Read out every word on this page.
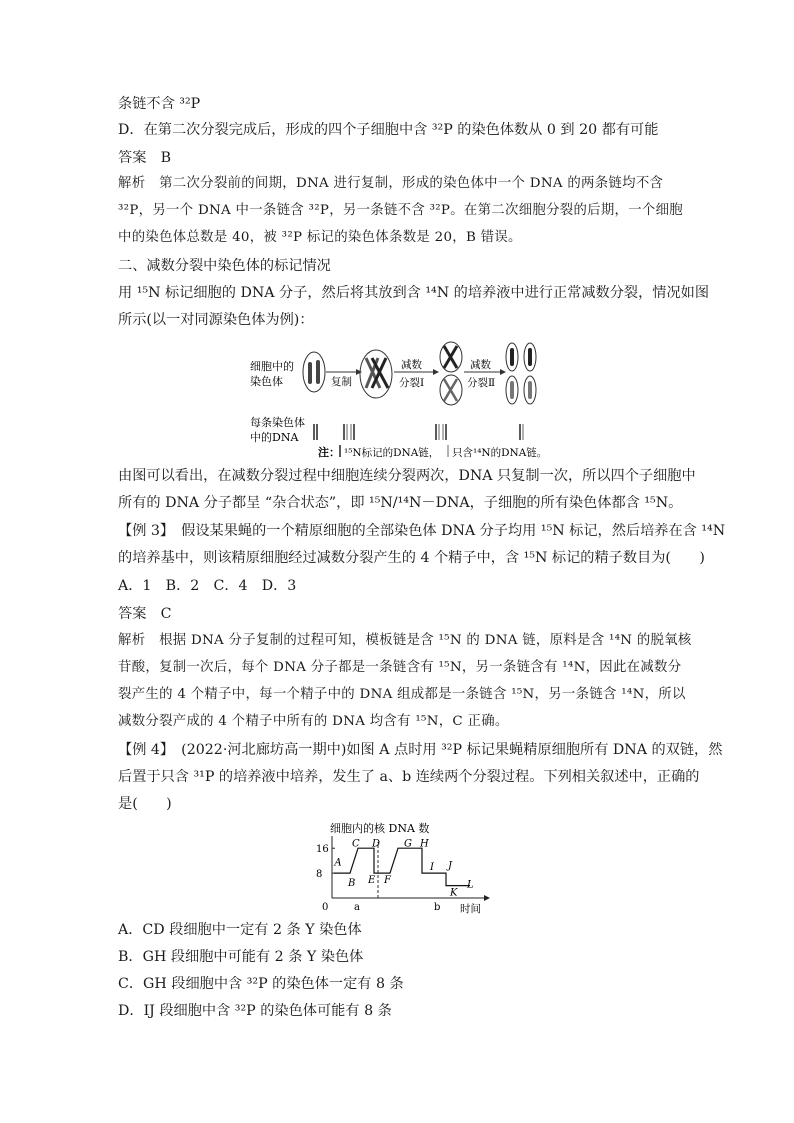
条链不含 ³²P
D．在第二次分裂完成后，形成的四个子细胞中含 ³²P 的染色体数从 0 到 20 都有可能
答案　B
解析　第二次分裂前的间期，DNA 进行复制，形成的染色体中一个 DNA 的两条链均不含
³²P，另一个 DNA 中一条链含 ³²P，另一条链不含 ³²P。在第二次细胞分裂的后期，一个细胞
中的染色体总数是 40，被 ³²P 标记的染色体条数是 20，B 错误。
二、减数分裂中染色体的标记情况
用 ¹⁵N 标记细胞的 DNA 分子，然后将其放到含 ¹⁴N 的培养液中进行正常减数分裂，情况如图
所示(以一对同源染色体为例)：
细胞中的
染色体	复制
减数
分裂Ⅰ
减数
分裂Ⅱ
每条染色体
中的DNA
注： ¹⁵N标记的DNA链， 只含¹⁴N的DNA链。
由图可以看出，在减数分裂过程中细胞连续分裂两次，DNA 只复制一次，所以四个子细胞中
所有的 DNA 分子都呈 “杂合状态”，即 ¹⁵N/¹⁴N－DNA，子细胞的所有染色体都含 ¹⁵N。
【例 3】　假设某果蝇的一个精原细胞的全部染色体 DNA 分子均用 ¹⁵N 标记，然后培养在含 ¹⁴N
的培养基中，则该精原细胞经过减数分裂产生的 4 个精子中，含 ¹⁵N 标记的精子数目为(　　)
A．1　B．2　C．4　D．3
答案　C
解析　根据 DNA 分子复制的过程可知，模板链是含 ¹⁵N 的 DNA 链，原料是含 ¹⁴N 的脱氧核
苷酸，复制一次后，每个 DNA 分子都是一条链含有 ¹⁵N，另一条链含有 ¹⁴N，因此在减数分
裂产生的 4 个精子中，每一个精子中的 DNA 组成都是一条链含 ¹⁵N，另一条链含 ¹⁴N，所以
减数分裂产成的 4 个精子中所有的 DNA 均含有 ¹⁵N，C 正确。
【例 4】　(2022·河北廊坊高一期中)如图 A 点时用 ³²P 标记果蝇精原细胞所有 DNA 的双链，然
后置于只含 ³¹P 的培养液中培养，发生了 a、b 连续两个分裂过程。下列相关叙述中，正确的
是(　　)
细胞内的核 DNA 数
时间
0
16
8
a	b
A
B
C D
E F
G H
I J
K
L
A．CD 段细胞中一定有 2 条 Y 染色体
B．GH 段细胞中可能有 2 条 Y 染色体
C．GH 段细胞中含 ³²P 的染色体一定有 8 条
D．IJ 段细胞中含 ³²P 的染色体可能有 8 条
